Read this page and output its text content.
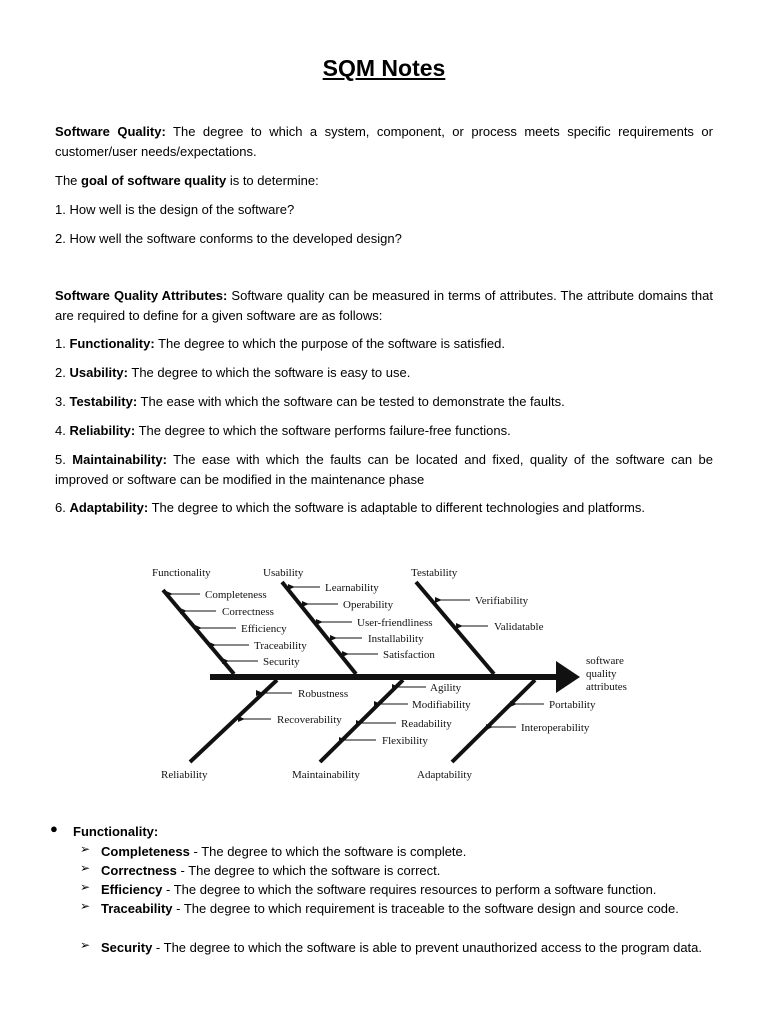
SQM Notes

Software Quality: The degree to which a system, component, or process meets specific requirements or customer/user needs/expectations.

The goal of software quality is to determine:

1. How well is the design of the software?

2. How well the software conforms to the developed design?

Software Quality Attributes: Software quality can be measured in terms of attributes. The attribute domains that are required to define for a given software are as follows:

1. Functionality: The degree to which the purpose of the software is satisfied.

2. Usability: The degree to which the software is easy to use.

3. Testability: The ease with which the software can be tested to demonstrate the faults.

4. Reliability: The degree to which the software performs failure-free functions.

5. Maintainability: The ease with which the faults can be located and fixed, quality of the software can be improved or software can be modified in the maintenance phase

6. Adaptability: The degree to which the software is adaptable to different technologies and platforms.

Functionality	Usability	Testability
Reliability	Maintainability	Adaptability
Completeness
Correctness
Efficiency
Traceability
Security
Learnability
Operability
User-friendliness
Installability
Satisfaction
Verifiability
Validatable
software
quality
attributes
Robustness
Recoverability
Agility
Modifiability
Readability
Flexibility
Portability
Interoperability
● Functionality:
➢ Completeness - The degree to which the software is complete.

➢ Correctness - The degree to which the software is correct.

➢ Efficiency - The degree to which the software requires resources to perform a software function.

➢ Traceability - The degree to which requirement is traceable to the software design and source code.

➢ Security - The degree to which the software is able to prevent unauthorized access to the program data.
